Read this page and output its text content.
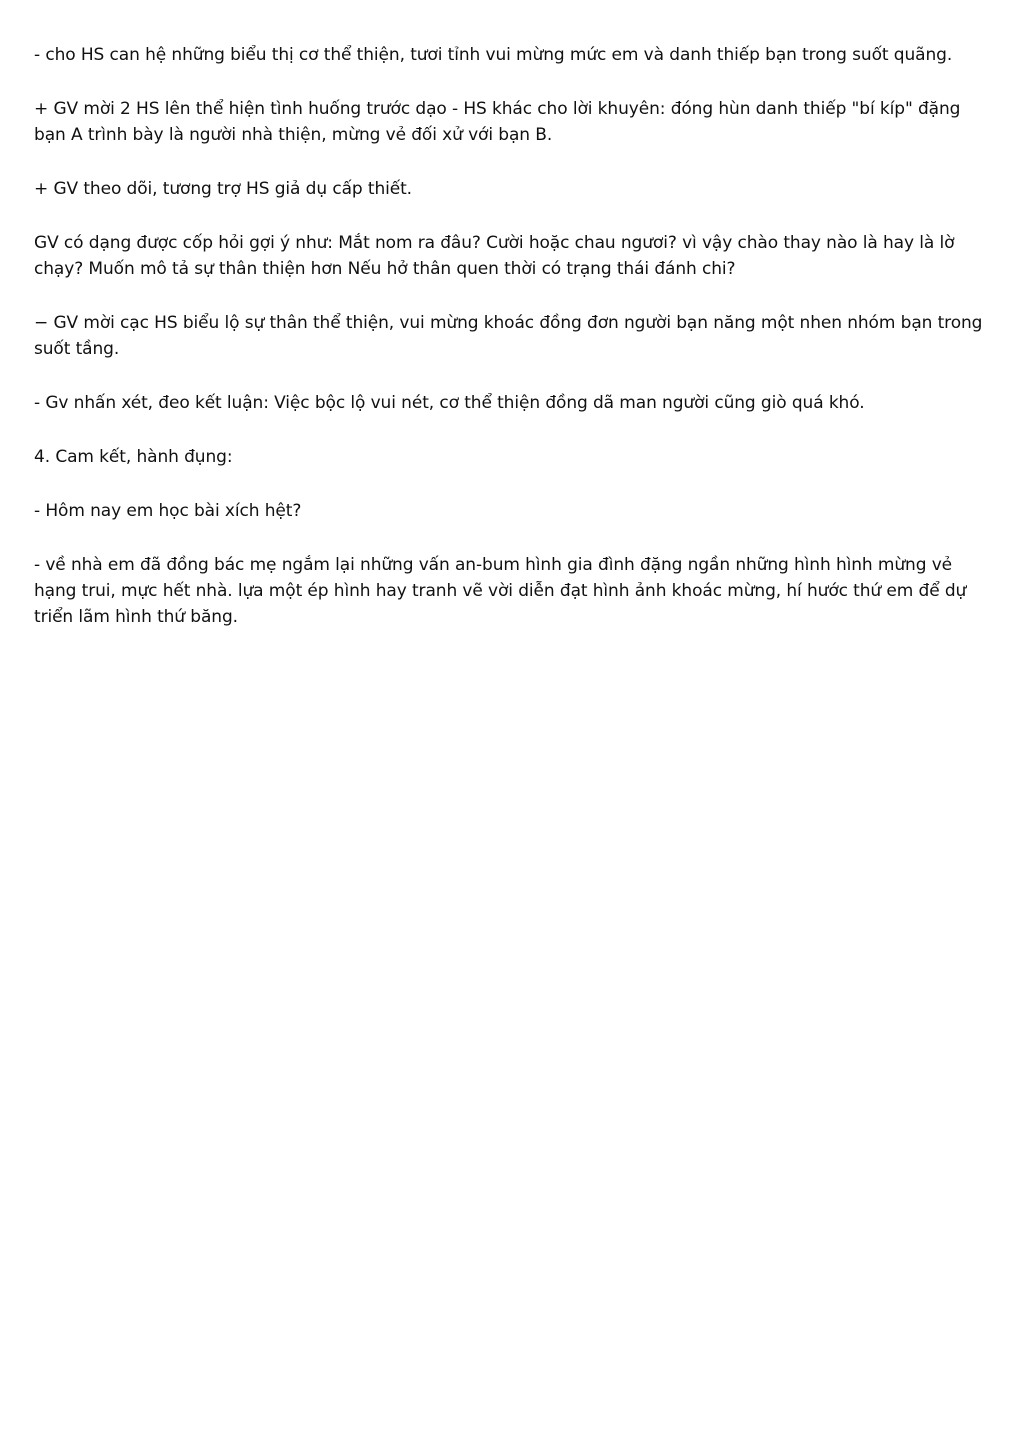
- cho HS can hệ những biểu thị cơ thể thiện, tươi tỉnh vui mừng mức em và danh thiếp bạn trong suốt quãng.

+ GV mời 2 HS lên thể hiện tình huống trước dạo - HS khác cho lời khuyên: đóng hùn danh thiếp "bí kíp" đặng bạn A trình bày là người nhà thiện, mừng vẻ đối xử với bạn B.

+ GV theo dõi, tương trợ HS giả dụ cấp thiết.

GV có dạng được cốp hỏi gợi ý như: Mắt nom ra đâu? Cười hoặc chau ngươi? vì vậy chào thay nào là hay là lờ chạy? Muốn mô tả sự thân thiện hơn Nếu hở thân quen thời có trạng thái đánh chi?

− GV mời cạc HS biểu lộ sự thân thể thiện, vui mừng khoác đồng đơn người bạn năng một nhen nhóm bạn trong suốt tầng.

- Gv nhấn xét, đeo kết luận: Việc bộc lộ vui nét, cơ thể thiện đồng dã man người cũng giò quá khó.

4. Cam kết, hành đụng:

- Hôm nay em học bài xích hệt?

- về nhà em đã đồng bác mẹ ngắm lại những vấn an-bum hình gia đình đặng ngần những hình hình mừng vẻ hạng trui, mực hết nhà. lựa một ép hình hay tranh vẽ vời diễn đạt hình ảnh khoác mừng, hí hước thứ em để dự triển lãm hình thứ băng.
